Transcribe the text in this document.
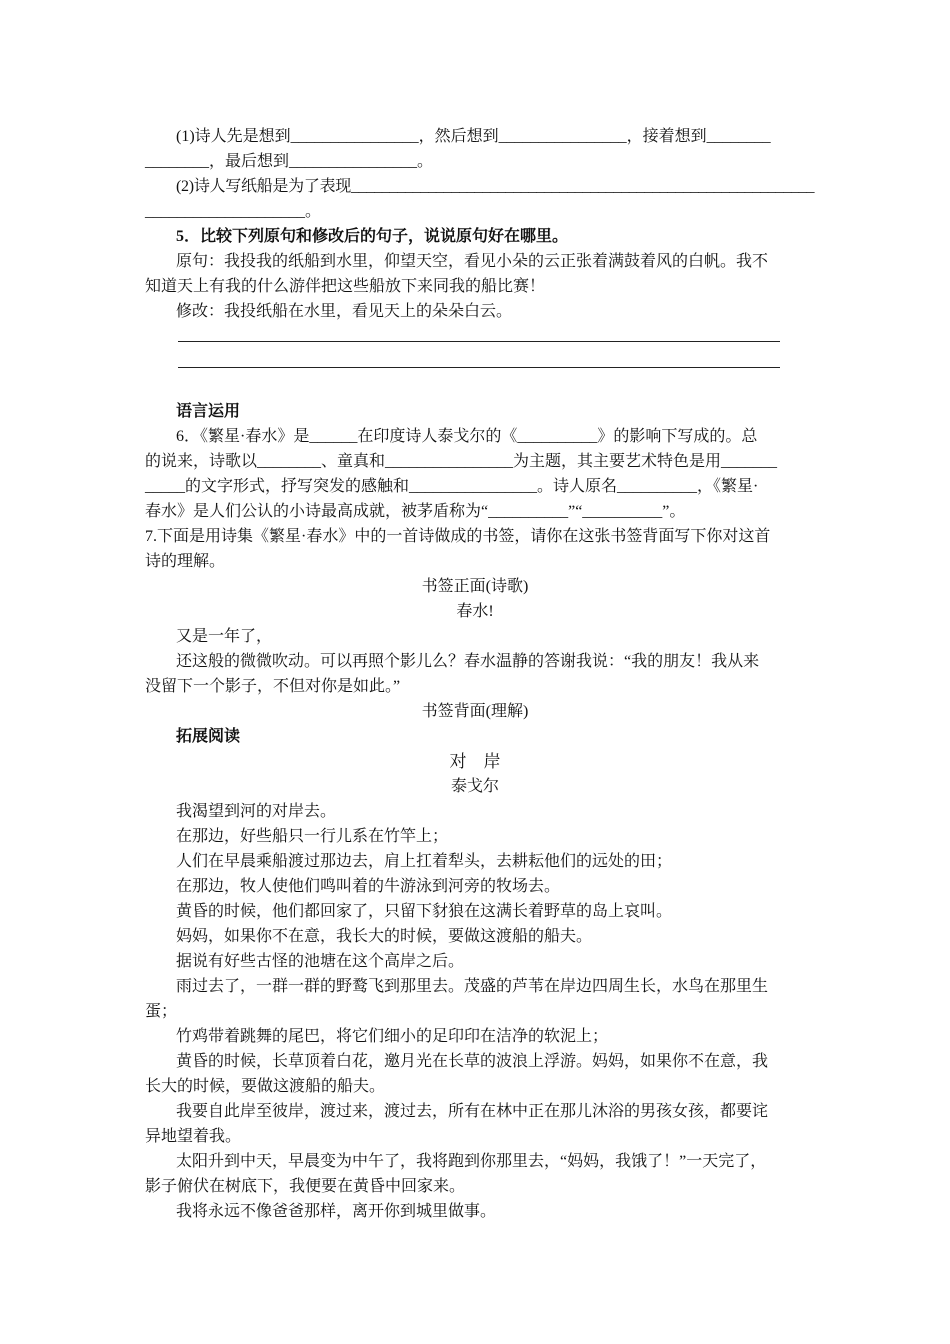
(1)诗人先是想到________________，然后想到________________，接着想到________
________，最后想到________________。
(2)诗人写纸船是为了表现____________________________________________________________
____________________。
5．比较下列原句和修改后的句子，说说原句好在哪里。
原句：我投我的纸船到水里，仰望天空，看见小朵的云正张着满鼓着风的白帆。我不
知道天上有我的什么游伴把这些船放下来同我的船比赛！
修改：我投纸船在水里，看见天上的朵朵白云。
语言运用
6．《繁星·春水》是______在印度诗人泰戈尔的《__________》的影响下写成的。总
的说来，诗歌以________、童真和________________为主题，其主要艺术特色是用_______
_____的文字形式，抒写突发的感触和________________。诗人原名__________，《繁星·
春水》是人们公认的小诗最高成就，被茅盾称为“__________”“__________”。
7.下面是用诗集《繁星·春水》中的一首诗做成的书签，请你在这张书签背面写下你对这首
诗的理解。
书签正面(诗歌)
春水!
又是一年了，
还这般的微微吹动。可以再照个影儿么？春水温静的答谢我说：“我的朋友！我从来
没留下一个影子，不但对你是如此。”
书签背面(理解)
拓展阅读
对　岸
泰戈尔
我渴望到河的对岸去。
在那边，好些船只一行儿系在竹竿上；
人们在早晨乘船渡过那边去，肩上扛着犁头，去耕耘他们的远处的田；
在那边，牧人使他们鸣叫着的牛游泳到河旁的牧场去。
黄昏的时候，他们都回家了，只留下豺狼在这满长着野草的岛上哀叫。
妈妈，如果你不在意，我长大的时候，要做这渡船的船夫。
据说有好些古怪的池塘在这个高岸之后。
雨过去了，一群一群的野鹜飞到那里去。茂盛的芦苇在岸边四周生长，水鸟在那里生
蛋；
竹鸡带着跳舞的尾巴，将它们细小的足印印在洁净的软泥上；
黄昏的时候，长草顶着白花，邀月光在长草的波浪上浮游。妈妈，如果你不在意，我
长大的时候，要做这渡船的船夫。
我要自此岸至彼岸，渡过来，渡过去，所有在林中正在那儿沐浴的男孩女孩，都要诧
异地望着我。
太阳升到中天，早晨变为中午了，我将跑到你那里去，“妈妈，我饿了！”一天完了，
影子俯伏在树底下，我便要在黄昏中回家来。
我将永远不像爸爸那样，离开你到城里做事。
